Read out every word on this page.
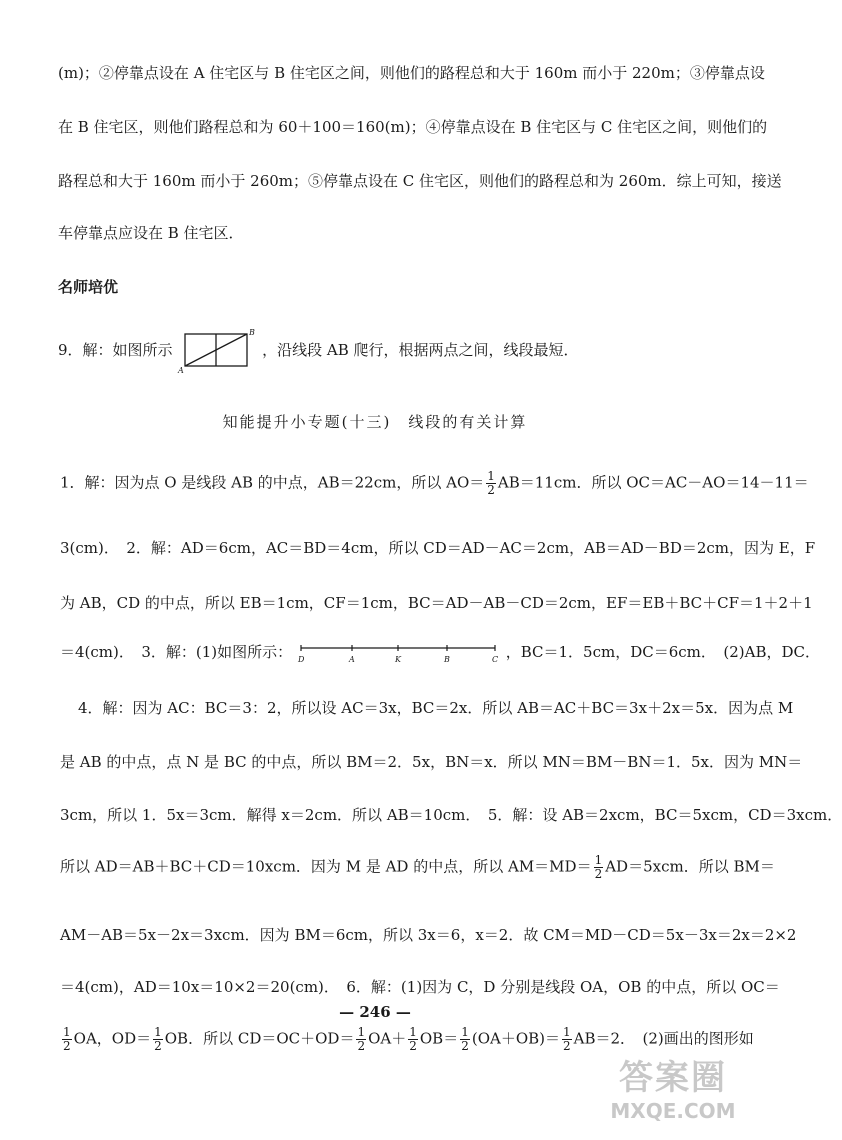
(m)；②停靠点设在 A 住宅区与 B 住宅区之间，则他们的路程总和大于 160m 而小于 220m；③停靠点设
在 B 住宅区，则他们路程总和为 60＋100＝160(m)；④停靠点设在 B 住宅区与 C 住宅区之间，则他们的
路程总和大于 160m 而小于 260m；⑤停靠点设在 C 住宅区，则他们的路程总和为 260m．综上可知，接送
车停靠点应设在 B 住宅区．
名师培优
9．解：如图所示
A
B
，沿线段 AB 爬行，根据两点之间，线段最短．
知能提升小专题(十三)　线段的有关计算
1．解：因为点 O 是线段 AB 的中点，AB＝22cm，所以 $AO= \frac{1}{2} AB=11cm$．所以 OC＝AC－AO＝14－11＝
3(cm)．　2．解：AD＝6cm，AC＝BD＝4cm，所以 CD＝AD－AC＝2cm，AB＝AD－BD＝2cm，因为 E，F
为 AB，CD 的中点，所以 EB＝1cm，CF＝1cm，BC＝AD－AB－CD＝2cm，EF＝EB＋BC＋CF＝1＋2＋1
＝4(cm)．　3．解：(1)如图所示： D	A	K	B	C ，BC＝1．5cm，DC＝6cm．　(2)AB，DC．
4．解：因为 AC：BC＝3：2，所以设 AC＝3x，BC＝2x．所以 AB＝AC＋BC＝3x＋2x＝5x．因为点 M
是 AB 的中点，点 N 是 BC 的中点，所以 BM＝2．5x，BN＝x．所以 MN＝BM－BN＝1．5x．因为 MN＝
3cm，所以 1．5x＝3cm．解得 x＝2cm．所以 AB＝10cm．　5．解：设 AB＝2xcm，BC＝5xcm，CD＝3xcm．
所以 AD＝AB＋BC＋CD＝10xcm．因为 M 是 AD 的中点，所以 $AM=MD= \frac{1}{2} AD=5xcm$．所以 BM＝
AM－AB＝5x－2x＝3xcm．因为 BM＝6cm，所以 3x＝6，x＝2．故 CM＝MD－CD＝5x－3x＝2x＝2×2
＝4(cm)，AD＝10x＝10×2＝20(cm)．　6．解：(1)因为 C，D 分别是线段 OA，OB 的中点，所以 OC＝
$\frac{1}{2}$ OA，$OD= \frac{1}{2}$ OB．所以 $CD=OC+OD= \frac{1}{2} OA+ \frac{1}{2} OB= \frac{1}{2} (OA+OB)= \frac{1}{2} AB=2$．　(2)画出的图形如
— 246 —
答案圈
MXQE.COM
